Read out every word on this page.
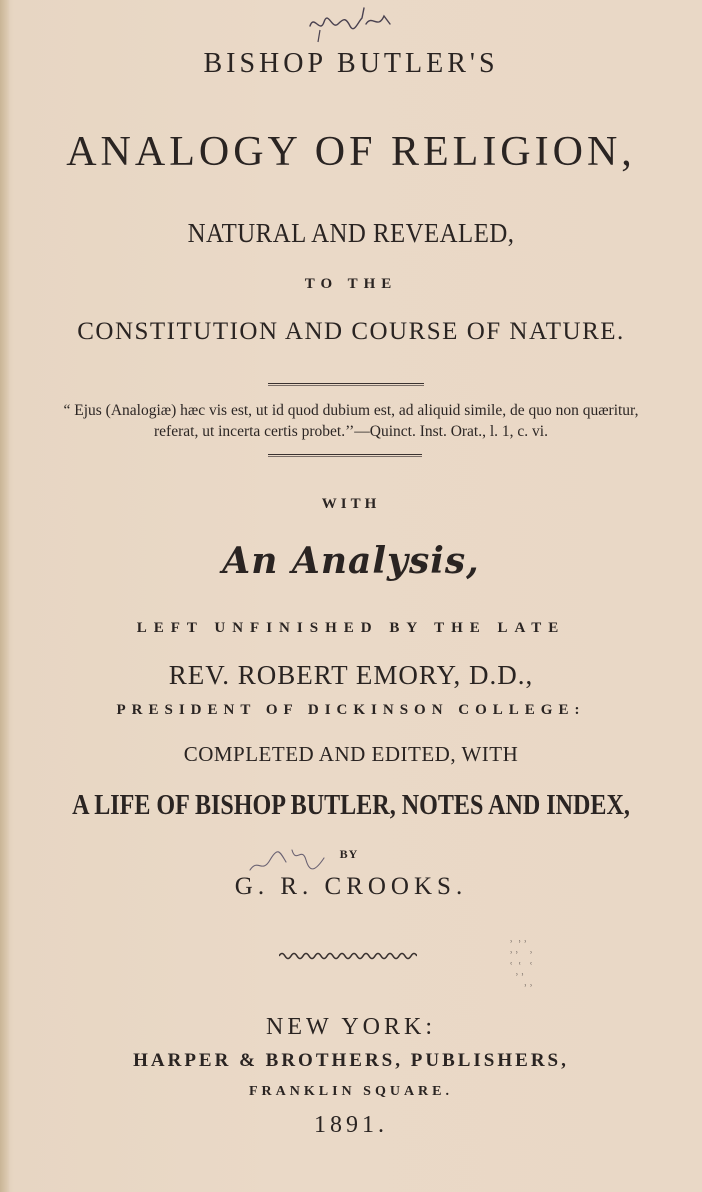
BISHOP BUTLER'S
ANALOGY OF RELIGION,
NATURAL AND REVEALED,
TO THE
CONSTITUTION AND COURSE OF NATURE.
“ Ejus (Analogiæ) hæc vis est, ut id quod dubium est, ad aliquid simile, de quo non quæritur, referat, ut incerta certis probet.’’—Quinct. Inst. Orat., l. 1, c. vi.
WITH
An Analysis,
LEFT UNFINISHED BY THE LATE
REV. ROBERT EMORY, D.D.,
PRESIDENT OF DICKINSON COLLEGE:
COMPLETED AND EDITED, WITH
A LIFE OF BISHOP BUTLER, NOTES AND INDEX,
BY
G. R. CROOKS.
ʾ  ʾ ʾ
ʾ ʾ    ʾ
ʿ  ʿ   ʿ
ʾ ʾ
ʾ ʾ
NEW YORK:
HARPER & BROTHERS, PUBLISHERS,
FRANKLIN SQUARE.
1891.
